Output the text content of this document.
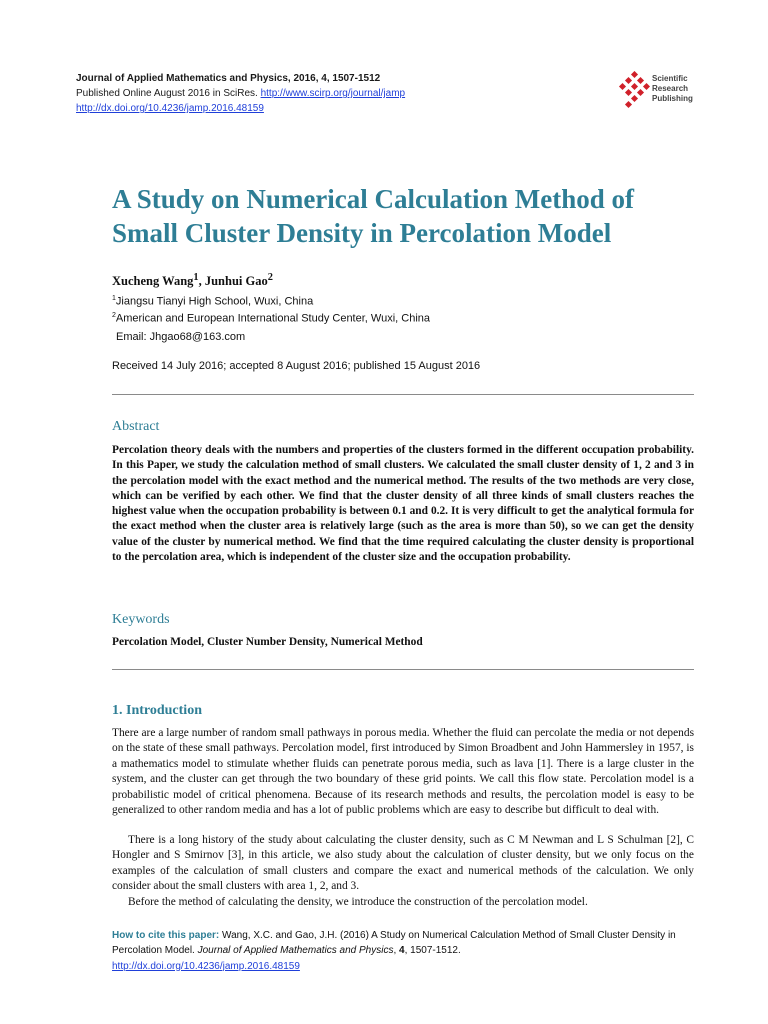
Journal of Applied Mathematics and Physics, 2016, 4, 1507-1512
Published Online August 2016 in SciRes. http://www.scirp.org/journal/jamp
http://dx.doi.org/10.4236/jamp.2016.48159
Scientific
Research
Publishing
A Study on Numerical Calculation Method of
Small Cluster Density in Percolation Model
Xucheng Wang$^1$, Junhui Gao$^2$
$^1$Jiangsu Tianyi High School, Wuxi, China
$^2$American and European International Study Center, Wuxi, China
Email: Jhgao68@163.com
Received 14 July 2016; accepted 8 August 2016; published 15 August 2016
Abstract
Percolation theory deals with the numbers and properties of the clusters formed in the different occupation probability. In this Paper, we study the calculation method of small clusters. We calculated the small cluster density of 1, 2 and 3 in the percolation model with the exact method and the numerical method. The results of the two methods are very close, which can be verified by each other. We find that the cluster density of all three kinds of small clusters reaches the highest value when the occupation probability is between 0.1 and 0.2. It is very difficult to get the analytical formula for the exact method when the cluster area is relatively large (such as the area is more than 50), so we can get the density value of the cluster by numerical method. We find that the time required calculating the cluster density is proportional to the percolation area, which is independent of the cluster size and the occupation probability.
Keywords
Percolation Model, Cluster Number Density, Numerical Method
1. Introduction
There are a large number of random small pathways in porous media. Whether the fluid can percolate the media or not depends on the state of these small pathways. Percolation model, first introduced by Simon Broadbent and John Hammersley in 1957, is a mathematics model to stimulate whether fluids can penetrate porous media, such as lava [1]. There is a large cluster in the system, and the cluster can get through the two boundary of these grid points. We call this flow state. Percolation model is a probabilistic model of critical phenomena. Because of its research methods and results, the percolation model is easy to be generalized to other random media and has a lot of public problems which are easy to describe but difficult to deal with.
There is a long history of the study about calculating the cluster density, such as C M Newman and L S Schulman [2], C Hongler and S Smirnov [3], in this article, we also study about the calculation of cluster density, but we only focus on the examples of the calculation of small clusters and compare the exact and numerical methods of the calculation. We only consider about the small clusters with area 1, 2, and 3.
Before the method of calculating the density, we introduce the construction of the percolation model.
How to cite this paper: Wang, X.C. and Gao, J.H. (2016) A Study on Numerical Calculation Method of Small Cluster Density in Percolation Model. Journal of Applied Mathematics and Physics, 4, 1507-1512.
http://dx.doi.org/10.4236/jamp.2016.48159
